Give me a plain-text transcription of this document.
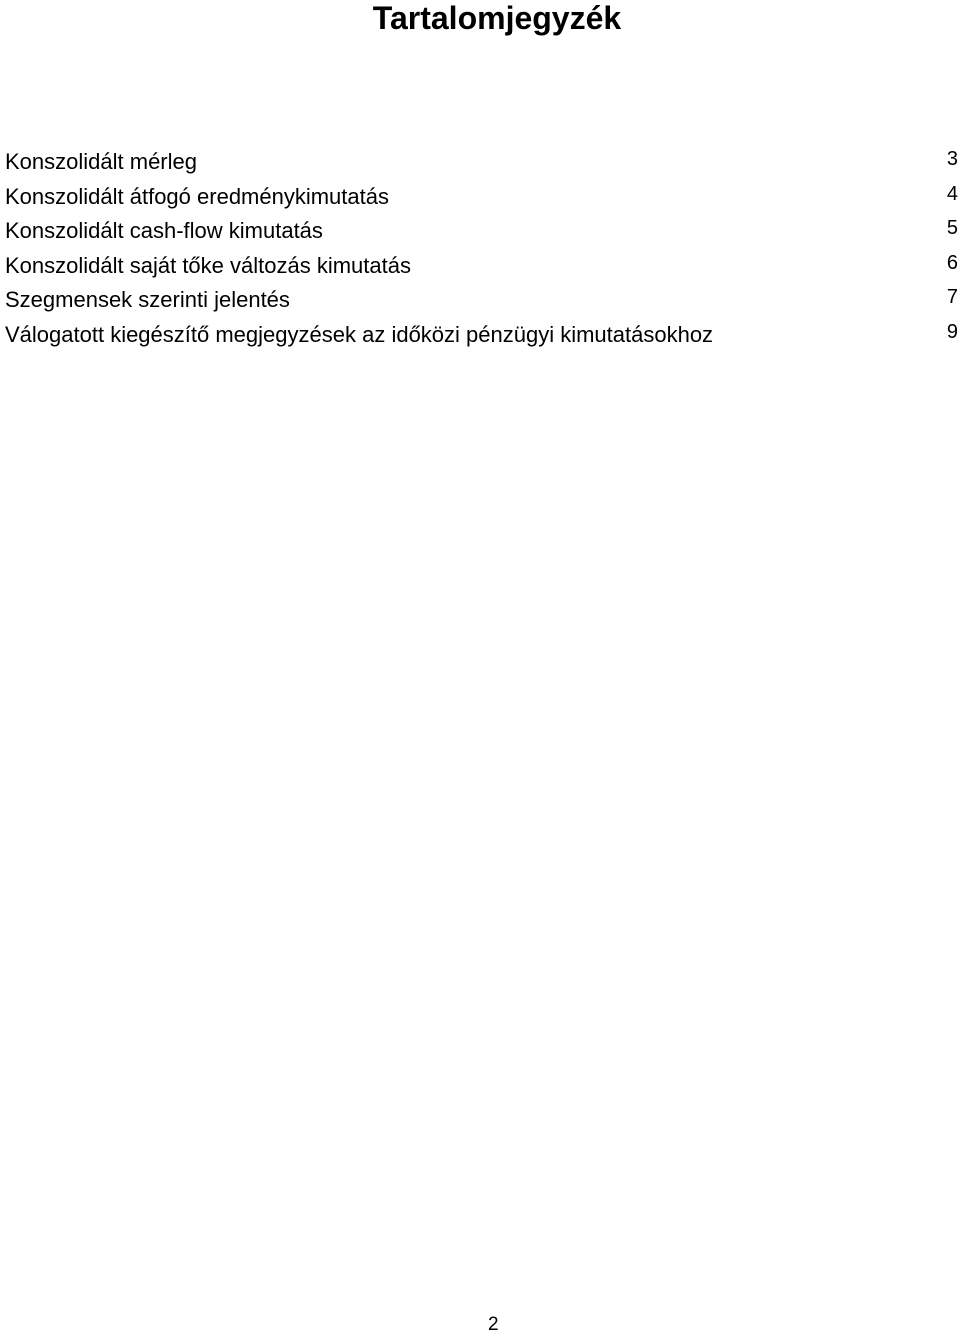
Tartalomjegyzék
Konszolidált mérleg	3
Konszolidált átfogó eredménykimutatás	4
Konszolidált cash-flow kimutatás	5
Konszolidált saját tőke változás kimutatás	6
Szegmensek szerinti jelentés	7
Válogatott kiegészítő megjegyzések az időközi pénzügyi kimutatásokhoz	9
2
